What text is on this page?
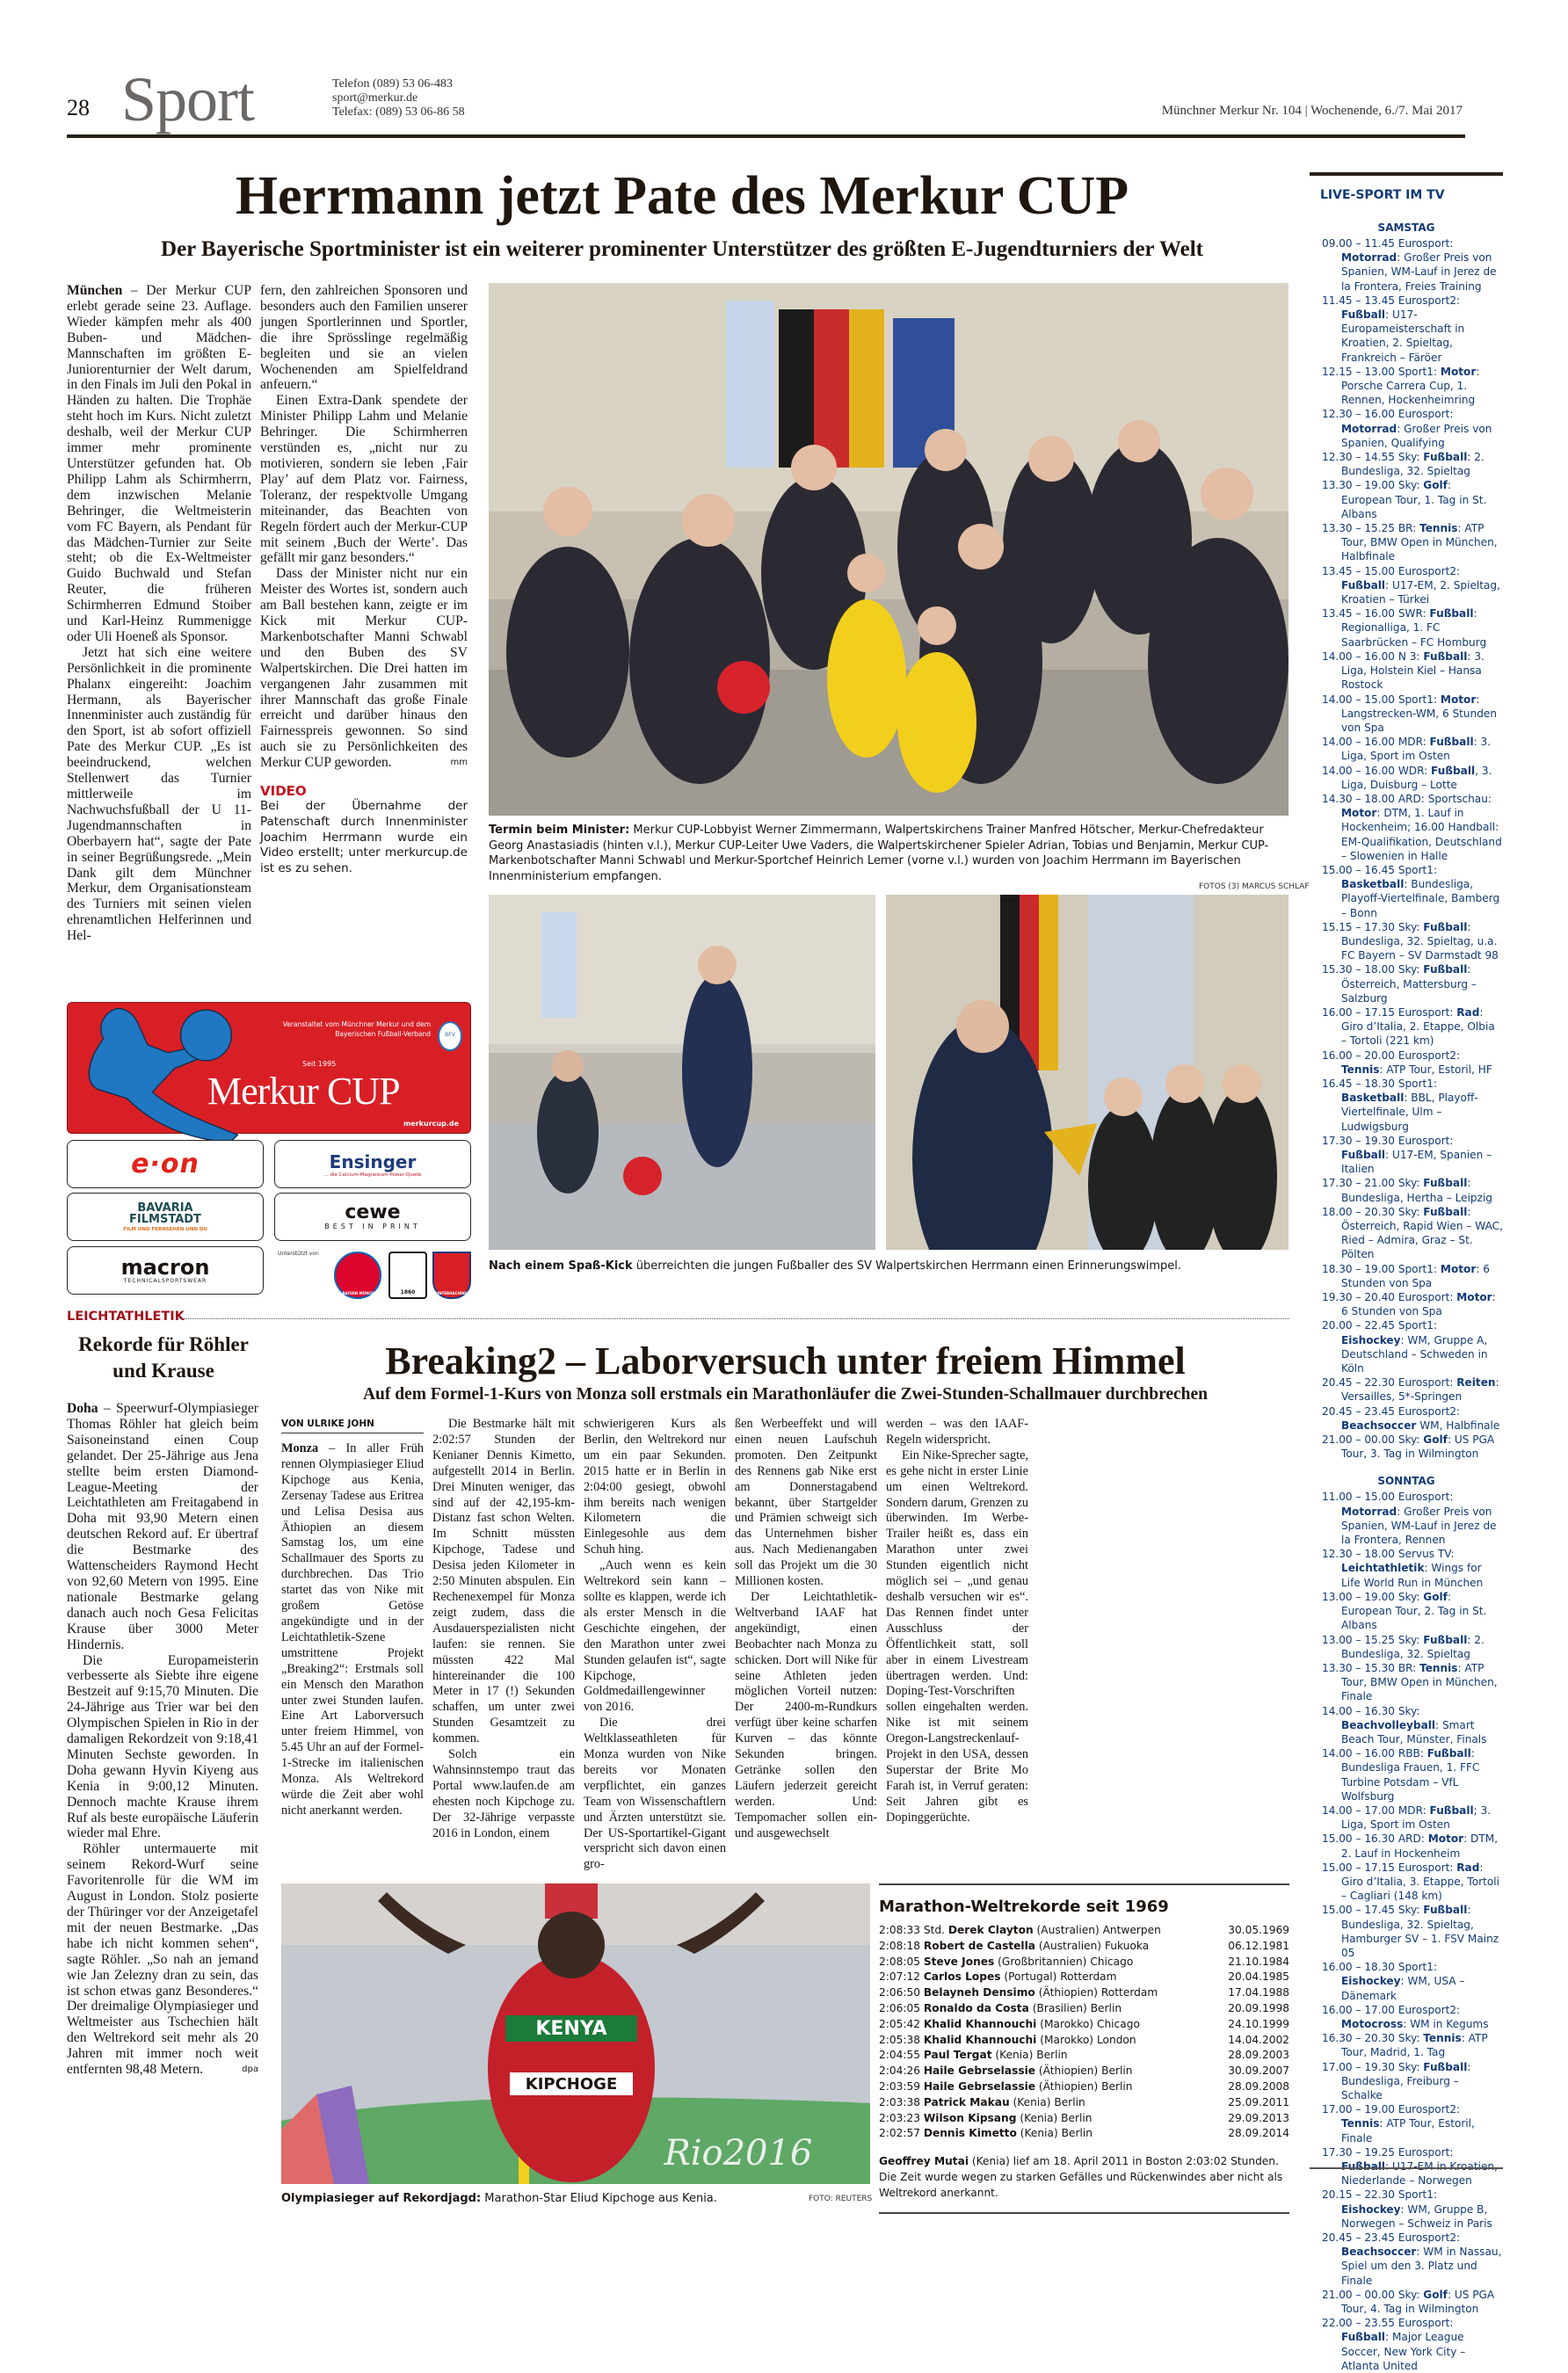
28 Sport	Telefon (089) 53 06-483
sport@merkur.de
Telefax: (089) 53 06-86 58	Münchner Merkur Nr. 104 | Wochenende, 6./7. Mai 2017
Herrmann jetzt Pate des Merkur CUP
Der Bayerische Sportminister ist ein weiterer prominenter Unterstützer des größten E-Jugendturniers der Welt

München – Der Merkur CUP erlebt gerade seine 23. Auflage. Wieder kämpfen mehr als 400 Buben- und Mädchen-Mannschaften im größten E-Juniorenturnier der Welt darum, in den Finals im Juli den Pokal in Händen zu halten. Die Trophäe steht hoch im Kurs. Nicht zuletzt deshalb, weil der Merkur CUP immer mehr prominente Unterstützer gefunden hat. Ob Philipp Lahm als Schirmherrn, dem inzwischen Melanie Behringer, die Weltmeisterin vom FC Bayern, als Pendant für das Mädchen-Turnier zur Seite steht; ob die Ex-Weltmeister Guido Buchwald und Stefan Reuter, die früheren Schirmherren Edmund Stoiber und Karl-Heinz Rummenigge oder Uli Hoeneß als Sponsor.

Jetzt hat sich eine weitere Persönlichkeit in die prominente Phalanx eingereiht: Joachim Hermann, als Bayerischer Innenminister auch zuständig für den Sport, ist ab sofort offiziell Pate des Merkur CUP. „Es ist beeindruckend, welchen Stellenwert das Turnier mittlerweile im Nachwuchsfußball der U 11-Jugendmannschaften in Oberbayern hat“, sagte der Pate in seiner Begrüßungsrede. „Mein Dank gilt dem Münchner Merkur, dem Organisationsteam des Turniers mit seinen vielen ehrenamtlichen Helferinnen und Hel-

fern, den zahlreichen Sponsoren und besonders auch den Familien unserer jungen Sportlerinnen und Sportler, die ihre Sprösslinge regelmäßig begleiten und sie an vielen Wochenenden am Spielfeldrand anfeuern.“

Einen Extra-Dank spendete der Minister Philipp Lahm und Melanie Behringer. Die Schirmherren verstünden es, „nicht nur zu motivieren, sondern sie leben ‚Fair Play’ auf dem Platz vor. Fairness, Toleranz, der respektvolle Umgang miteinander, das Beachten von Regeln fördert auch der Merkur-CUP mit seinem ‚Buch der Werte’. Das gefällt mir ganz besonders.“

Dass der Minister nicht nur ein Meister des Wortes ist, sondern auch am Ball bestehen kann, zeigte er im Kick mit Merkur CUP-Markenbotschafter Manni Schwabl und den Buben des SV Walpertskirchen. Die Drei hatten im vergangenen Jahr zusammen mit ihrer Mannschaft das große Finale erreicht und darüber hinaus den Fairnesspreis gewonnen. So sind auch sie zu Persönlichkeiten des Merkur CUP geworden.	mm

VIDEO
Bei der Übernahme der Patenschaft durch Innenminister Joachim Herrmann wurde ein Video erstellt; unter merkurcup.de ist es zu sehen.
Termin beim Minister: Merkur CUP-Lobbyist Werner Zimmermann, Walpertskirchens Trainer Manfred Hötscher, Merkur-Chefredakteur Georg Anastasiadis (hinten v.l.), Merkur CUP-Leiter Uwe Vaders, die Walpertskirchener Spieler Adrian, Tobias und Benjamin, Merkur CUP-Markenbotschafter Manni Schwabl und Merkur-Sportchef Heinrich Lemer (vorne v.l.) wurden von Joachim Herrmann im Bayerischen Innenministerium empfangen.
FOTOS (3) MARCUS SCHLAF
Nach einem Spaß-Kick überreichten die jungen Fußballer des SV Walpertskirchen Herrmann einen Erinnerungswimpel.
Veranstaltet vom Münchner Merkur und dem Bayerischen Fußball-Verband	BFV
Seit 1995
Merkur CUP
merkurcup.de
e·on	Ensinger
... die Calcium-Magnesium-Power-Quelle
BAVARIA
FILMSTADT
FILM UND FERNSEHEN UND DU
cewe
BEST IN PRINT
macron
TECHNICALSPORTSWEAR
Unterstützt von
FC BAYERN MÜNCHEN	1860	UNTERHACHING
LEICHTATHLETIK
Rekorde für Röhler und Krause

Doha – Speerwurf-Olympiasieger Thomas Röhler hat gleich beim Saisoneinstand einen Coup gelandet. Der 25-Jährige aus Jena stellte beim ersten Diamond-League-Meeting der Leichtathleten am Freitagabend in Doha mit 93,90 Metern einen deutschen Rekord auf. Er übertraf die Bestmarke des Wattenscheiders Raymond Hecht von 92,60 Metern von 1995. Eine nationale Bestmarke gelang danach auch noch Gesa Felicitas Krause über 3000 Meter Hindernis.

Die Europameisterin verbesserte als Siebte ihre eigene Bestzeit auf 9:15,70 Minuten. Die 24-Jährige aus Trier war bei den Olympischen Spielen in Rio in der damaligen Rekordzeit von 9:18,41 Minuten Sechste geworden. In Doha gewann Hyvin Kiyeng aus Kenia in 9:00,12 Minuten. Dennoch machte Krause ihrem Ruf als beste europäische Läuferin wieder mal Ehre.

Röhler untermauerte mit seinem Rekord-Wurf seine Favoritenrolle für die WM im August in London. Stolz posierte der Thüringer vor der Anzeigetafel mit der neuen Bestmarke. „Das habe ich nicht kommen sehen“, sagte Röhler. „So nah an jemand wie Jan Zelezny dran zu sein, das ist schon etwas ganz Besonderes.“ Der dreimalige Olympiasieger und Weltmeister aus Tschechien hält den Weltrekord seit mehr als 20 Jahren mit immer noch weit entfernten 98,48 Metern.	dpa

Breaking2 – Laborversuch unter freiem Himmel
Auf dem Formel-1-Kurs von Monza soll erstmals ein Marathonläufer die Zwei-Stunden-Schallmauer durchbrechen
VON ULRIKE JOHN

Monza – In aller Früh rennen Olympiasieger Eliud Kipchoge aus Kenia, Zersenay Tadese aus Eritrea und Lelisa Desisa aus Äthiopien an diesem Samstag los, um eine Schallmauer des Sports zu durchbrechen. Das Trio startet das von Nike mit großem Getöse angekündigte und in der Leichtathletik-Szene umstrittene Projekt „Breaking2“: Erstmals soll ein Mensch den Marathon unter zwei Stunden laufen. Eine Art Laborversuch unter freiem Himmel, von 5.45 Uhr an auf der Formel-1-Strecke im italienischen Monza. Als Weltrekord würde die Zeit aber wohl nicht anerkannt werden.

Die Bestmarke hält mit 2:02:57 Stunden der Kenianer Dennis Kimetto, aufgestellt 2014 in Berlin. Drei Minuten weniger, das sind auf der 42,195-km-Distanz fast schon Welten. Im Schnitt müssten Kipchoge, Tadese und Desisa jeden Kilometer in 2:50 Minuten abspulen. Ein Rechenexempel für Monza zeigt zudem, dass die Ausdauerspezialisten nicht laufen: sie rennen. Sie müssten 422 Mal hintereinander die 100 Meter in 17 (!) Sekunden schaffen, um unter zwei Stunden Gesamtzeit zu kommen.

Solch ein Wahnsinnstempo traut das Portal www.laufen.de am ehesten noch Kipchoge zu. Der 32-Jährige verpasste 2016 in London, einem

schwierigeren Kurs als Berlin, den Weltrekord nur um ein paar Sekunden. 2015 hatte er in Berlin in 2:04:00 gesiegt, obwohl ihm bereits nach wenigen Kilometern die Einlegesohle aus dem Schuh hing.

„Auch wenn es kein Weltrekord sein kann – sollte es klappen, werde ich als erster Mensch in die Geschichte eingehen, der den Marathon unter zwei Stunden gelaufen ist“, sagte Kipchoge, Goldmedaillengewinner von 2016.

Die drei Weltklasseathleten für Monza wurden von Nike bereits vor Monaten verpflichtet, ein ganzes Team von Wissenschaftlern und Ärzten unterstützt sie. Der US-Sportartikel-Gigant verspricht sich davon einen gro-

ßen Werbeeffekt und will einen neuen Laufschuh promoten. Den Zeitpunkt des Rennens gab Nike erst am Donnerstagabend bekannt, über Startgelder und Prämien schweigt sich das Unternehmen bisher aus. Nach Medienangaben soll das Projekt um die 30 Millionen kosten.

Der Leichtathletik-Weltverband IAAF hat angekündigt, einen Beobachter nach Monza zu schicken. Dort will Nike für seine Athleten jeden möglichen Vorteil nutzen: Der 2400-m-Rundkurs verfügt über keine scharfen Kurven – das könnte Sekunden bringen. Getränke sollen den Läufern jederzeit gereicht werden. Und: Tempomacher sollen ein- und ausgewechselt

werden – was den IAAF-Regeln widerspricht.

Ein Nike-Sprecher sagte, es gehe nicht in erster Linie um einen Weltrekord. Sondern darum, Grenzen zu überwinden. Im Werbe-Trailer heißt es, dass ein Marathon unter zwei Stunden eigentlich nicht möglich sei – „und genau deshalb versuchen wir es“. Das Rennen findet unter Ausschluss der Öffentlichkeit statt, soll aber in einem Livestream übertragen werden. Und: Doping-Test-Vorschriften sollen eingehalten werden. Nike ist mit seinem Oregon-Langstreckenlauf-Projekt in den USA, dessen Superstar der Brite Mo Farah ist, in Verruf geraten: Seit Jahren gibt es Dopinggerüchte.

KENYA
KIPCHOGE
Rio2016
Olympiasieger auf Rekordjagd: Marathon-Star Eliud Kipchoge aus Kenia.	FOTO: REUTERS
Marathon-Weltrekorde seit 1969
2:08:33 Std. Derek Clayton (Australien) Antwerpen	30.05.1969
2:08:18 Robert de Castella (Australien) Fukuoka	06.12.1981
2:08:05 Steve Jones (Großbritannien) Chicago	21.10.1984
2:07:12 Carlos Lopes (Portugal) Rotterdam	20.04.1985
2:06:50 Belayneh Densimo (Äthiopien) Rotterdam	17.04.1988
2:06:05 Ronaldo da Costa (Brasilien) Berlin	20.09.1998
2:05:42 Khalid Khannouchi (Marokko) Chicago	24.10.1999
2:05:38 Khalid Khannouchi (Marokko) London	14.04.2002
2:04:55 Paul Tergat (Kenia) Berlin	28.09.2003
2:04:26 Haile Gebrselassie (Äthiopien) Berlin	30.09.2007
2:03:59 Haile Gebrselassie (Äthiopien) Berlin	28.09.2008
2:03:38 Patrick Makau (Kenia) Berlin	25.09.2011
2:03:23 Wilson Kipsang (Kenia) Berlin	29.09.2013
2:02:57 Dennis Kimetto (Kenia) Berlin	28.09.2014
Geoffrey Mutai (Kenia) lief am 18. April 2011 in Boston 2:03:02 Stunden. Die Zeit wurde wegen zu starken Gefälles und Rückenwindes aber nicht als Weltrekord anerkannt.
LIVE-SPORT IM TV
SAMSTAG
09.00 – 11.45 Eurosport: Motorrad: Großer Preis von Spanien, WM-Lauf in Jerez de la Frontera, Freies Training
11.45 – 13.45 Eurosport2: Fußball: U17-Europameisterschaft in Kroatien, 2. Spieltag, Frankreich – Färöer
12.15 – 13.00 Sport1: Motor: Porsche Carrera Cup, 1. Rennen, Hockenheimring
12.30 – 16.00 Eurosport: Motorrad: Großer Preis von Spanien, Qualifying
12.30 – 14.55 Sky: Fußball: 2. Bundesliga, 32. Spieltag
13.30 – 19.00 Sky: Golf: European Tour, 1. Tag in St. Albans
13.30 – 15.25 BR: Tennis: ATP Tour, BMW Open in München, Halbfinale
13.45 – 15.00 Eurosport2: Fußball: U17-EM, 2. Spieltag, Kroatien – Türkei
13.45 – 16.00 SWR: Fußball: Regionalliga, 1. FC Saarbrücken – FC Homburg
14.00 – 16.00 N 3: Fußball: 3. Liga, Holstein Kiel – Hansa Rostock
14.00 – 15.00 Sport1: Motor: Langstrecken-WM, 6 Stunden von Spa
14.00 – 16.00 MDR: Fußball: 3. Liga, Sport im Osten
14.00 – 16.00 WDR: Fußball, 3. Liga, Duisburg – Lotte
14.30 – 18.00 ARD: Sportschau: Motor: DTM, 1. Lauf in Hockenheim; 16.00 Handball: EM-Qualifikation, Deutschland – Slowenien in Halle
15.00 – 16.45 Sport1: Basketball: Bundesliga, Playoff-Viertelfinale, Bamberg – Bonn
15.15 – 17.30 Sky: Fußball: Bundesliga, 32. Spieltag, u.a. FC Bayern – SV Darmstadt 98
15.30 – 18.00 Sky: Fußball: Österreich, Mattersburg – Salzburg
16.00 – 17.15 Eurosport: Rad: Giro d’Italia, 2. Etappe, Olbia – Tortoli (221 km)
16.00 – 20.00 Eurosport2: Tennis: ATP Tour, Estoril, HF
16.45 – 18.30 Sport1: Basketball: BBL, Playoff-Viertelfinale, Ulm – Ludwigsburg
17.30 – 19.30 Eurosport: Fußball: U17-EM, Spanien – Italien
17.30 – 21.00 Sky: Fußball: Bundesliga, Hertha – Leipzig
18.00 – 20.30 Sky: Fußball: Österreich, Rapid Wien – WAC, Ried – Admira, Graz – St. Pölten
18.30 – 19.00 Sport1: Motor: 6 Stunden von Spa
19.30 – 20.40 Eurosport: Motor: 6 Stunden von Spa
20.00 – 22.45 Sport1: Eishockey: WM, Gruppe A, Deutschland – Schweden in Köln
20.45 – 22.30 Eurosport: Reiten: Versailles, 5*-Springen
20.45 – 23.45 Eurosport2: Beachsoccer WM, Halbfinale
21.00 – 00.00 Sky: Golf: US PGA Tour, 3. Tag in Wilmington
SONNTAG
11.00 – 15.00 Eurosport: Motorrad: Großer Preis von Spanien, WM-Lauf in Jerez de la Frontera, Rennen
12.30 – 18.00 Servus TV: Leichtathletik: Wings for Life World Run in München
13.00 – 19.00 Sky: Golf: European Tour, 2. Tag in St. Albans
13.00 – 15.25 Sky: Fußball: 2. Bundesliga, 32. Spieltag
13.30 – 15.30 BR: Tennis: ATP Tour, BMW Open in München, Finale
14.00 – 16.30 Sky: Beachvolleyball: Smart Beach Tour, Münster, Finals
14.00 – 16.00 RBB: Fußball: Bundesliga Frauen, 1. FFC Turbine Potsdam – VfL Wolfsburg
14.00 – 17.00 MDR: Fußball; 3. Liga, Sport im Osten
15.00 – 16.30 ARD: Motor: DTM, 2. Lauf in Hockenheim
15.00 – 17.15 Eurosport: Rad: Giro d’Italia, 3. Etappe, Tortoli – Cagliari (148 km)
15.00 – 17.45 Sky: Fußball: Bundesliga, 32. Spieltag, Hamburger SV – 1. FSV Mainz 05
16.00 – 18.30 Sport1: Eishockey: WM, USA – Dänemark
16.00 – 17.00 Eurosport2: Motocross: WM in Kegums
16.30 – 20.30 Sky: Tennis: ATP Tour, Madrid, 1. Tag
17.00 – 19.30 Sky: Fußball: Bundesliga, Freiburg – Schalke
17.00 – 19.00 Eurosport2: Tennis: ATP Tour, Estoril, Finale
17.30 – 19.25 Eurosport: Niederlande – Norwegen
20.15 – 22.30 Sport1: Eishockey: WM, Gruppe B, Norwegen – Schweiz in Paris
20.45 – 23.45 Eurosport2: Beachsoccer: WM in Nassau, Spiel um den 3. Platz und Finale
21.00 – 00.00 Sky: Golf: US PGA Tour, 4. Tag in Wilmington
22.00 – 23.55 Eurosport: Fußball: Major League Soccer, New York City – Atlanta United
